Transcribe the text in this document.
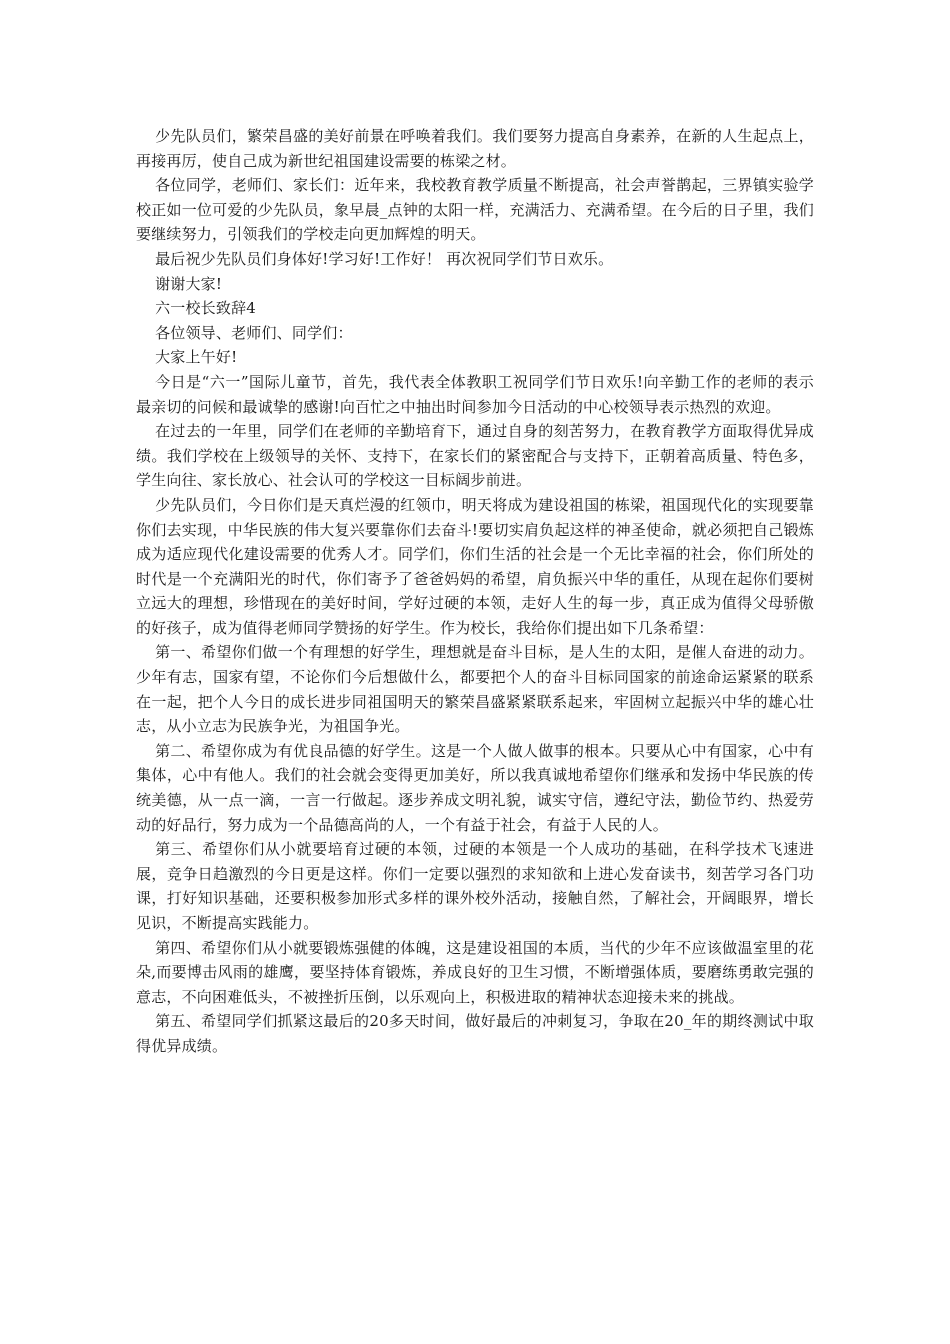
少先队员们，繁荣昌盛的美好前景在呼唤着我们。我们要努力提高自身素养，在新的人生起点上，再接再厉，使自己成为新世纪祖国建设需要的栋梁之材。

各位同学，老师们、家长们：近年来，我校教育教学质量不断提高，社会声誉鹊起，三界镇实验学校正如一位可爱的少先队员，象早晨_点钟的太阳一样，充满活力、充满希望。在今后的日子里，我们要继续努力，引领我们的学校走向更加辉煌的明天。

最后祝少先队员们身体好!学习好!工作好！ 再次祝同学们节日欢乐。

谢谢大家!

六一校长致辞4

各位领导、老师们、同学们：

大家上午好!

今日是“六一”国际儿童节，首先，我代表全体教职工祝同学们节日欢乐!向辛勤工作的老师的表示最亲切的问候和最诚挚的感谢!向百忙之中抽出时间参加今日活动的中心校领导表示热烈的欢迎。

在过去的一年里，同学们在老师的辛勤培育下，通过自身的刻苦努力，在教育教学方面取得优异成绩。我们学校在上级领导的关怀、支持下，在家长们的紧密配合与支持下，正朝着高质量、特色多，学生向往、家长放心、社会认可的学校这一目标阔步前进。

少先队员们，今日你们是天真烂漫的红领巾，明天将成为建设祖国的栋梁，祖国现代化的实现要靠你们去实现，中华民族的伟大复兴要靠你们去奋斗!要切实肩负起这样的神圣使命，就必须把自己锻炼成为适应现代化建设需要的优秀人才。同学们，你们生活的社会是一个无比幸福的社会，你们所处的时代是一个充满阳光的时代，你们寄予了爸爸妈妈的希望，肩负振兴中华的重任，从现在起你们要树立远大的理想，珍惜现在的美好时间，学好过硬的本领，走好人生的每一步，真正成为值得父母骄傲的好孩子，成为值得老师同学赞扬的好学生。作为校长，我给你们提出如下几条希望：

第一、希望你们做一个有理想的好学生，理想就是奋斗目标，是人生的太阳，是催人奋进的动力。少年有志，国家有望，不论你们今后想做什么，都要把个人的奋斗目标同国家的前途命运紧紧的联系在一起，把个人今日的成长进步同祖国明天的繁荣昌盛紧紧联系起来，牢固树立起振兴中华的雄心壮志，从小立志为民族争光，为祖国争光。

第二、希望你成为有优良品德的好学生。这是一个人做人做事的根本。只要从心中有国家，心中有集体，心中有他人。我们的社会就会变得更加美好，所以我真诚地希望你们继承和发扬中华民族的传统美德，从一点一滴，一言一行做起。逐步养成文明礼貌，诚实守信，遵纪守法，勤俭节约、热爱劳动的好品行，努力成为一个品德高尚的人，一个有益于社会，有益于人民的人。

第三、希望你们从小就要培育过硬的本领，过硬的本领是一个人成功的基础，在科学技术飞速进展，竞争日趋激烈的今日更是这样。你们一定要以强烈的求知欲和上进心发奋读书，刻苦学习各门功课，打好知识基础，还要积极参加形式多样的课外校外活动，接触自然，了解社会，开阔眼界，增长见识，不断提高实践能力。

第四、希望你们从小就要锻炼强健的体魄，这是建设祖国的本质，当代的少年不应该做温室里的花朵,而要博击风雨的雄鹰，要坚持体育锻炼，养成良好的卫生习惯，不断增强体质，要磨练勇敢完强的意志，不向困难低头，不被挫折压倒，以乐观向上，积极进取的精神状态迎接未来的挑战。

第五、希望同学们抓紧这最后的20多天时间，做好最后的冲刺复习，争取在20_年的期终测试中取得优异成绩。
